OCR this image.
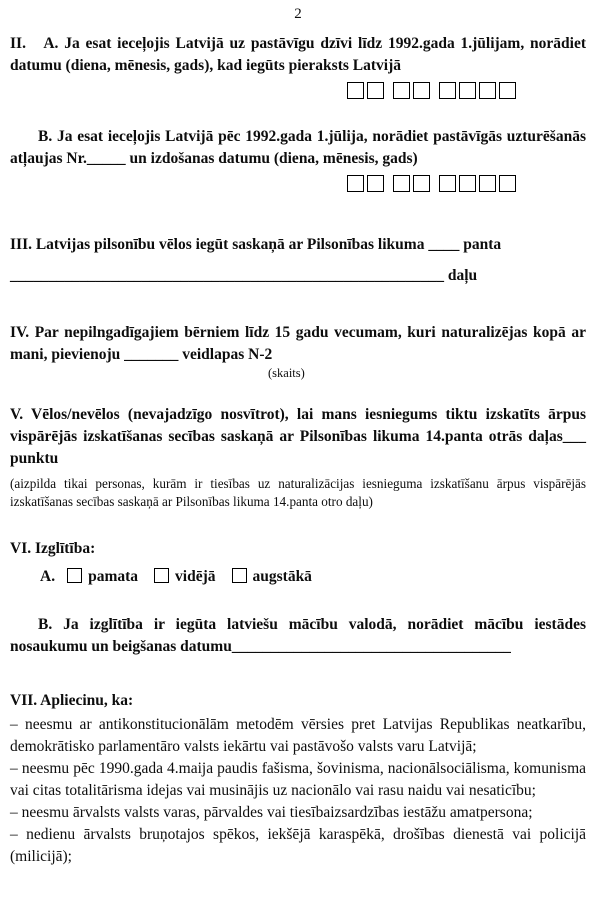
2

II.   A. Ja esat ieceļojis Latvijā uz pastāvīgu dzīvi līdz 1992.gada 1.jūlijam, norādiet datumu (diena, mēnesis, gads), kad iegūts pieraksts Latvijā

B. Ja esat ieceļojis Latvijā pēc 1992.gada 1.jūlija, norādiet pastāvīgās uzturēšanās atļaujas Nr._____ un izdošanas datumu (diena, mēnesis, gads)

III. Latvijas pilsonību vēlos iegūt saskaņā ar Pilsonības likuma ____ panta

________________________________________________________ daļu

IV. Par nepilngadīgajiem bērniem līdz 15 gadu vecumam, kuri naturalizējas kopā ar mani, pievienoju _______ veidlapas N-2

(skaits)

V. Vēlos/nevēlos (nevajadzīgo nosvītrot), lai mans iesniegums tiktu izskatīts ārpus vispārējās izskatīšanas secības saskaņā ar Pilsonības likuma 14.panta otrās daļas___ punktu

(aizpilda tikai personas, kurām ir tiesības uz naturalizācijas iesnieguma izskatīšanu ārpus vispārējās izskatīšanas secības saskaņā ar Pilsonības likuma 14.panta otro daļu)

VI. Izglītība:

A. pamata vidējā augstākā

B. Ja izglītība ir iegūta latviešu mācību valodā, norādiet mācību iestādes nosaukumu un beigšanas datumu____________________________________

VII. Apliecinu, ka:

– neesmu ar antikonstitucionālām metodēm vērsies pret Latvijas Republikas neatkarību, demokrātisko parlamentāro valsts iekārtu vai pastāvošo valsts varu Latvijā;

– neesmu pēc 1990.gada 4.maija paudis fašisma, šovinisma, nacionālsociālisma, komunisma vai citas totalitārisma idejas vai musinājis uz nacionālo vai rasu naidu vai nesaticību;

– neesmu ārvalsts valsts varas, pārvaldes vai tiesībaizsardzības iestāžu amatpersona;

– nedienu ārvalsts bruņotajos spēkos, iekšējā karaspēkā, drošības dienestā vai policijā (milicijā);
